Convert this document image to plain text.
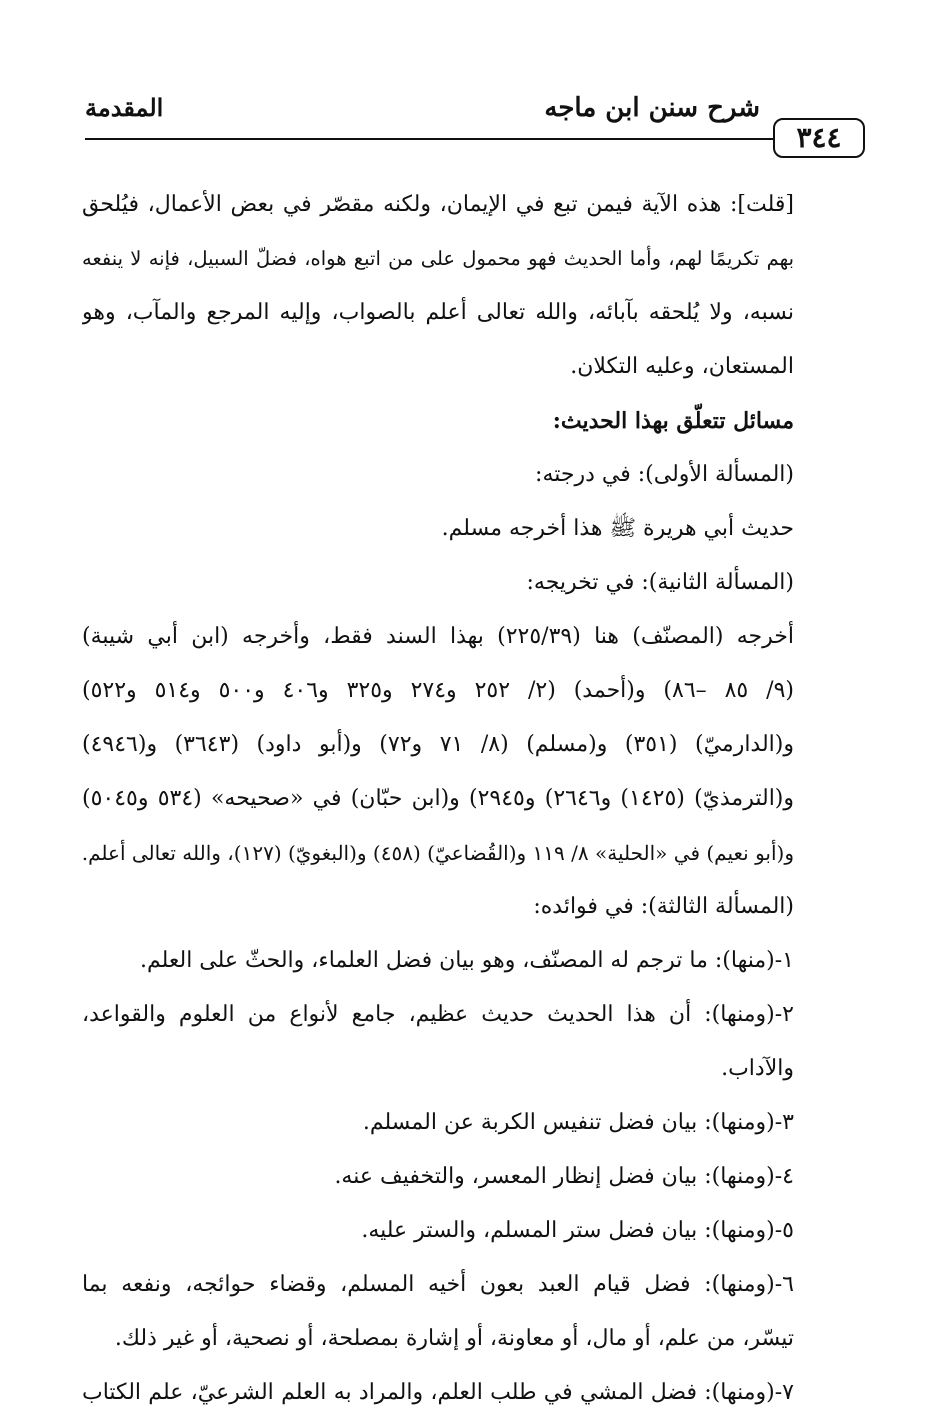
٣٤٤
شرح سنن ابن ماجه
المقدمة
[قلت]: هذه الآية فيمن تبع في الإيمان، ولكنه مقصّر في بعض الأعمال، فيُلحق
بهم تكريمًا لهم، وأما الحديث فهو محمول على من اتبع هواه، فضلّ السبيل، فإنه لا ينفعه
نسبه، ولا يُلحقه بآبائه، والله تعالى أعلم بالصواب، وإليه المرجع والمآب، وهو
المستعان، وعليه التكلان.
مسائل تتعلّق بهذا الحديث:
(المسألة الأولى): في درجته:
حديث أبي هريرة ﷺ هذا أخرجه مسلم.
(المسألة الثانية): في تخريجه:
أخرجه (المصنّف) هنا (٢٢٥/٣٩) بهذا السند فقط، وأخرجه (ابن أبي شيبة)
(٩/ ٨٥ –٨٦) و(أحمد) (٢/ ٢٥٢ و٢٧٤ و٣٢٥ و٤٠٦ و٥٠٠ و٥١٤ و٥٢٢)
و(الدارميّ) (٣٥١) و(مسلم) (٨/ ٧١ و٧٢) و(أبو داود) (٣٦٤٣) و(٤٩٤٦)
و(الترمذيّ) (١٤٢٥) و٢٦٤٦) و٢٩٤٥) و(ابن حبّان) في «صحيحه» (٥٣٤ و٥٠٤٥)
و(أبو نعيم) في «الحلية» ٨/ ١١٩ و(القُضاعيّ) (٤٥٨) و(البغويّ) (١٢٧)، والله تعالى أعلم.
(المسألة الثالثة): في فوائده:
١-(منها): ما ترجم له المصنّف، وهو بيان فضل العلماء، والحثّ على العلم.
٢-(ومنها): أن هذا الحديث حديث عظيم، جامع لأنواع من العلوم والقواعد،
والآداب.
٣-(ومنها): بيان فضل تنفيس الكربة عن المسلم.
٤-(ومنها): بيان فضل إنظار المعسر، والتخفيف عنه.
٥-(ومنها): بيان فضل ستر المسلم، والستر عليه.
٦-(ومنها): فضل قيام العبد بعون أخيه المسلم، وقضاء حوائجه، ونفعه بما
تيسّر، من علم، أو مال، أو معاونة، أو إشارة بمصلحة، أو نصحية، أو غير ذلك.
٧-(ومنها): فضل المشي في طلب العلم، والمراد به العلم الشرعيّ، علم الكتاب
